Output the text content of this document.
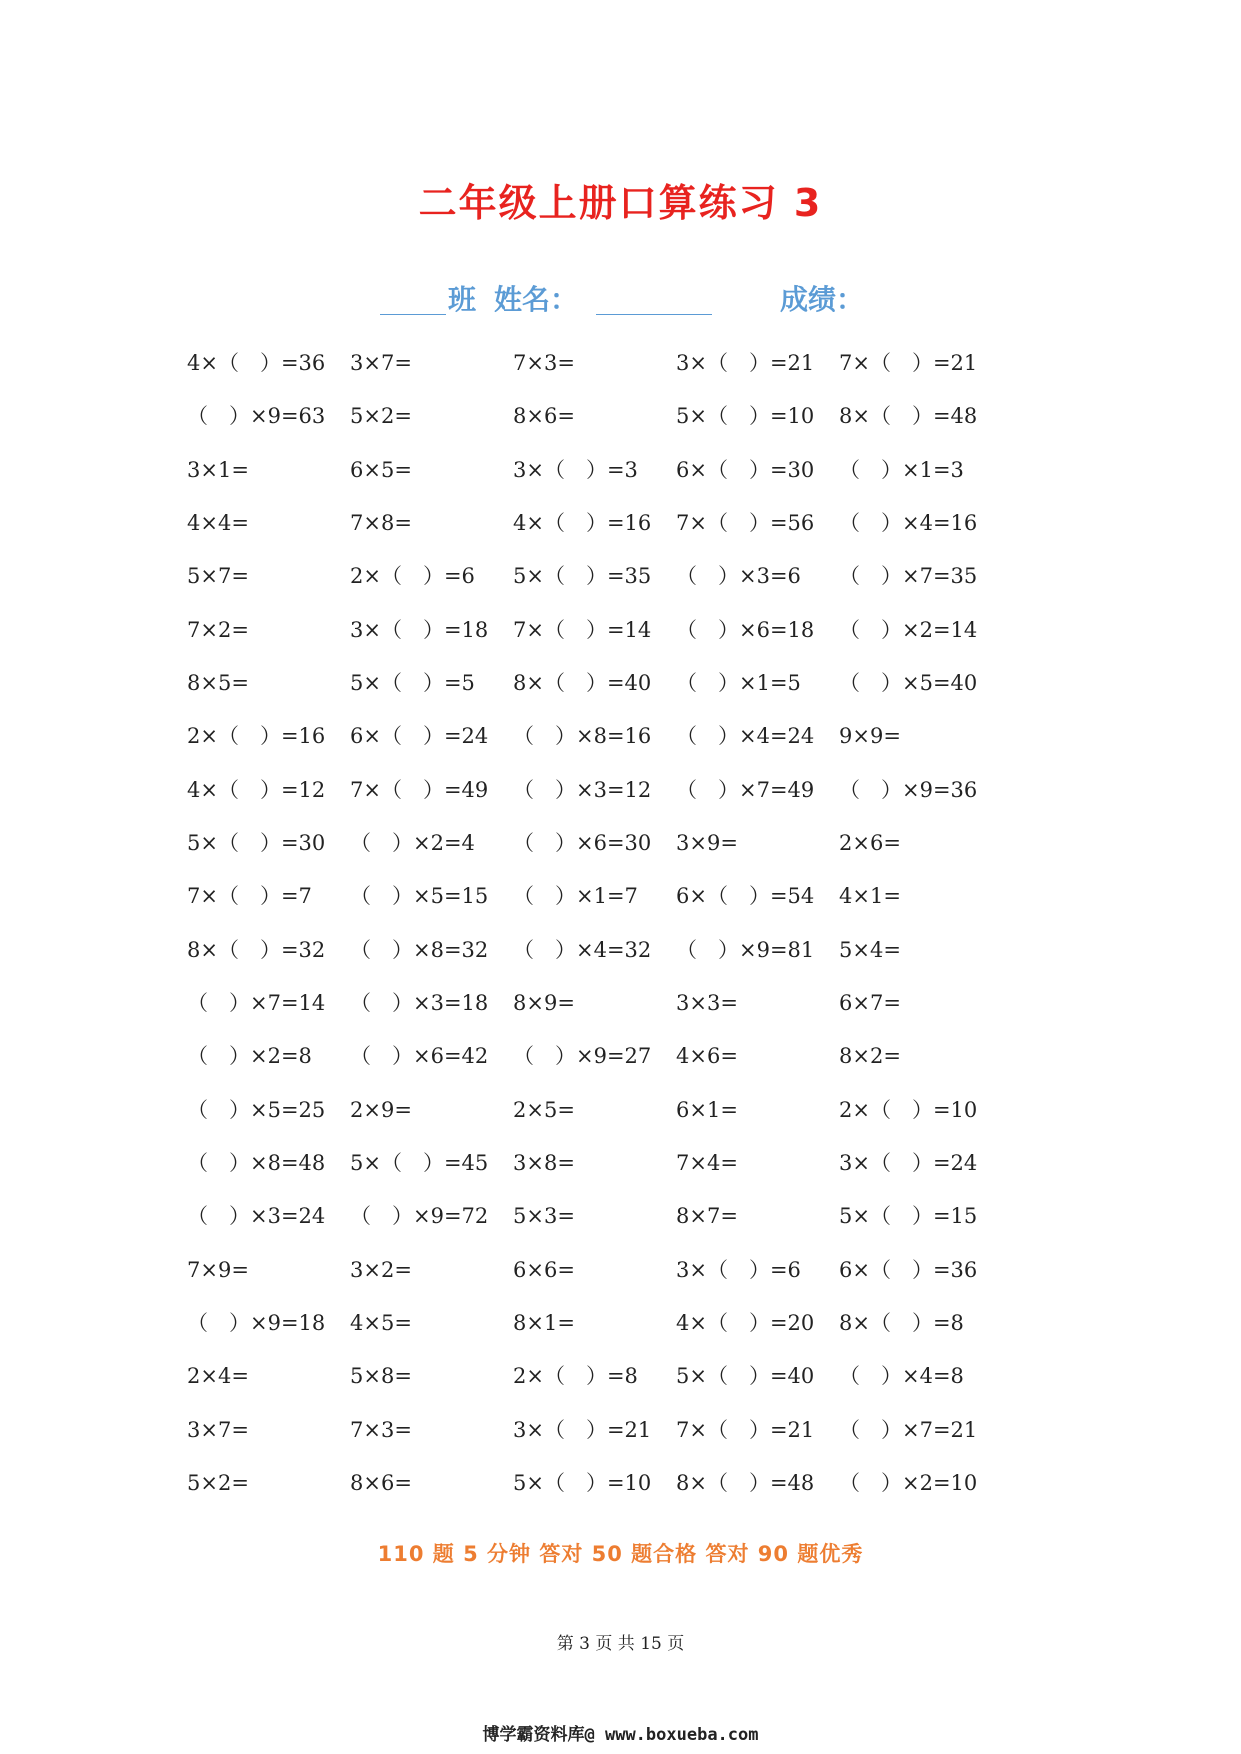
二年级上册口算练习 3
班 姓名：	成绩：
4×（　）=36 3×7=	7×3=	3×（　）=21 7×（　）=21
（　）×9=63 5×2=	8×6=	5×（　）=10 8×（　）=48
3×1=	6×5=	3×（　）=3 6×（　）=30 （　）×1=3
4×4=	7×8=	4×（　）=16 7×（　）=56 （　）×4=16
5×7=	2×（　）=6 5×（　）=35 （　）×3=6 （　）×7=35
7×2=	3×（　）=18 7×（　）=14 （　）×6=18 （　）×2=14
8×5=	5×（　）=5 8×（　）=40 （　）×1=5 （　）×5=40
2×（　）=16 6×（　）=24 （　）×8=16 （　）×4=24 9×9=
4×（　）=12 7×（　）=49 （　）×3=12 （　）×7=49 （　）×9=36
5×（　）=30 （　）×2=4 （　）×6=30 3×9=	2×6=
7×（　）=7 （　）×5=15 （　）×1=7 6×（　）=54 4×1=
8×（　）=32 （　）×8=32 （　）×4=32 （　）×9=81 5×4=
（　）×7=14 （　）×3=18 8×9=	3×3=	6×7=
（　）×2=8 （　）×6=42 （　）×9=27 4×6=	8×2=
（　）×5=25 2×9=	2×5=	6×1=	2×（　）=10
（　）×8=48 5×（　）=45 3×8=	7×4=	3×（　）=24
（　）×3=24 （　）×9=72 5×3=	8×7=	5×（　）=15
7×9=	3×2=	6×6=	3×（　）=6 6×（　）=36
（　）×9=18 4×5=	8×1=	4×（　）=20 8×（　）=8
2×4=	5×8=	2×（　）=8 5×（　）=40 （　）×4=8
3×7=	7×3=	3×（　）=21 7×（　）=21 （　）×7=21
5×2=	8×6=	5×（　）=10 8×（　）=48 （　）×2=10
110 题 5 分钟 答对 50 题合格 答对 90 题优秀
第 3 页 共 15 页
博学霸资料库@ www.boxueba.com
